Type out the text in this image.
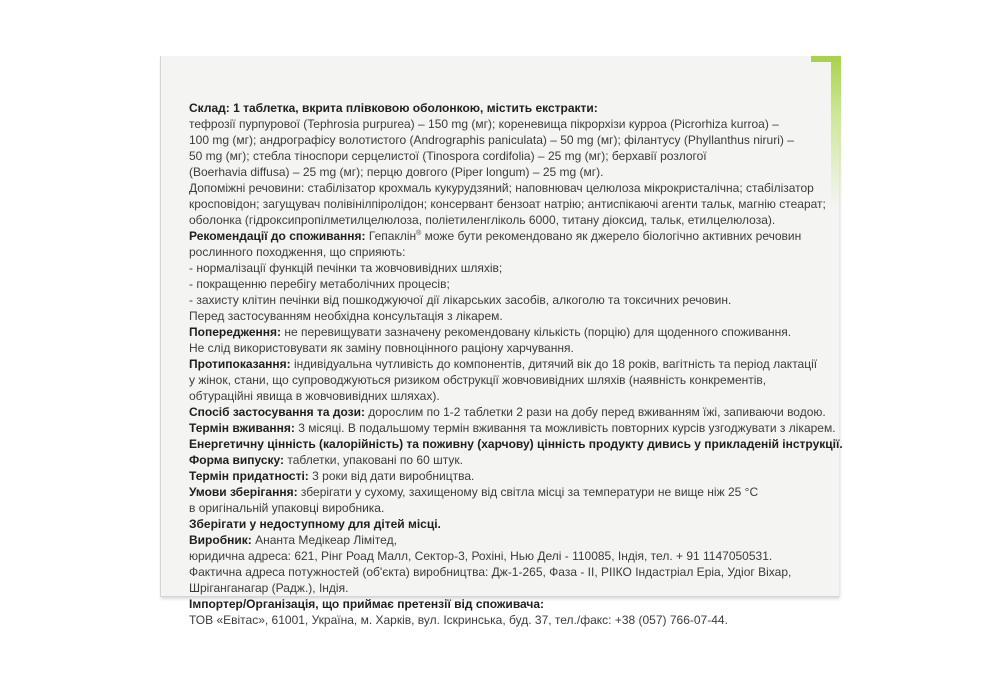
Склад: 1 таблетка, вкрита плівковою оболонкою, містить екстракти:
тефрозії пурпурової (Tephrosia purpurea) – 150 mg (мг); кореневища пікрорхізи курроа (Picrorhiza kurroa) –
100 mg (мг); андрографісу волотистого (Andrographis paniculata) – 50 mg (мг); філантусу (Phyllanthus niruri) –
50 mg (мг); стебла тіноспори серцелистої (Tinospora cordifolia) – 25 mg (мг); берхавії розлогої
(Boerhavia diffusa) – 25 mg (мг); перцю довгого (Piper longum) – 25 mg (мг).
Допоміжні речовини: стабілізатор крохмаль кукурудзяний; наповнювач целюлоза мікрокристалічна; стабілізатор
кросповідон; загущувач полівінілпіролідон; консервант бензоат натрію; антиспікаючі агенти тальк, магнію стеарат;
оболонка (гідроксипропілметилцелюлоза, поліетиленгліколь 6000, титану діоксид, тальк, етилцелюлоза).
Рекомендації до споживання: Гепаклін® може бути рекомендовано як джерело біологічно активних речовин
рослинного походження, що сприяють:
- нормалізації функцій печінки та жовчовивідних шляхів;
- покращенню перебігу метаболічних процесів;
- захисту клітин печінки від пошкоджуючої дії лікарських засобів, алкоголю та токсичних речовин.
Перед застосуванням необхідна консультація з лікарем.
Попередження: не перевищувати зазначену рекомендовану кількість (порцію) для щоденного споживання.
Не слід використовувати як заміну повноцінного раціону харчування.
Протипоказання: індивідуальна чутливість до компонентів, дитячий вік до 18 років, вагітність та період лактації
у жінок, стани, що супроводжуються ризиком обструкції жовчовивідних шляхів (наявність конкрементів,
обтураційні явища в жовчовивідних шляхах).
Спосіб застосування та дози: дорослим по 1-2 таблетки 2 рази на добу перед вживанням їжі, запиваючи водою.
Термін вживання: 3 місяці. В подальшому термін вживання та можливість повторних курсів узгоджувати з лікарем.
Енергетичну цінність (калорійність) та поживну (харчову) цінність продукту дивись у прикладеній інструкції.
Форма випуску: таблетки, упаковані по 60 штук.
Термін придатності: 3 роки від дати виробництва.
Умови зберігання: зберігати у сухому, захищеному від світла місці за температури не вище ніж 25 °С
в оригінальній упаковці виробника.
Зберігати у недоступному для дітей місці.
Виробник: Ананта Медікеар Лімітед,
юридична адреса: 621, Рінг Роад Малл, Сектор-3, Рохіні, Нью Делі - 110085, Індія, тел. + 91 1147050531.
Фактична адреса потужностей (об'єкта) виробництва: Дж-1-265, Фаза - II, РІІКО Індастріал Еріа, Удіог Віхар,
Шріганганагар (Радж.), Індія.
Імпортер/Організація, що приймає претензії від споживача:
ТОВ «Евітас», 61001, Україна, м. Харків, вул. Іскринська, буд. 37, тел./факс: +38 (057) 766-07-44.
